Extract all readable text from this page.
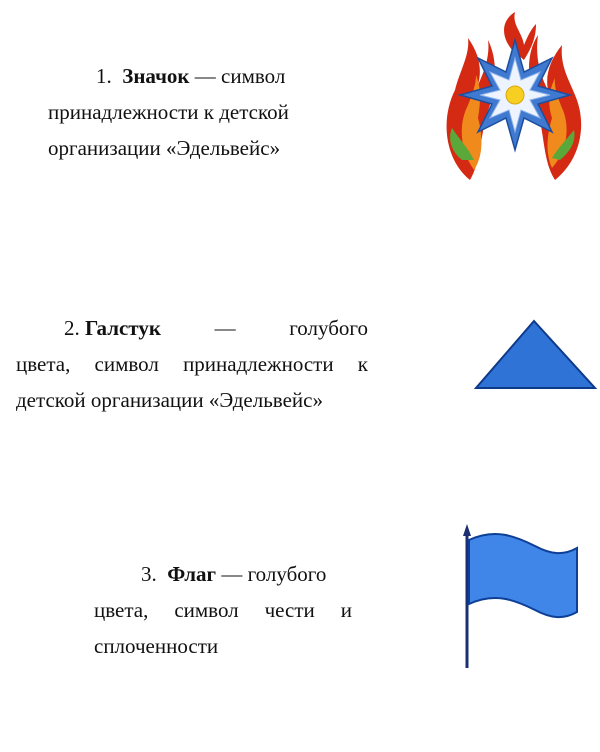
1. Значок — символ
принадлежности к детской
организации «Эдельвейс»
2. Галстук	—	голубого
цвета, символ принадлежности к
детской организации «Эдельвейс»
3. Флаг — голубого
цвета, символ чести и
сплоченности
